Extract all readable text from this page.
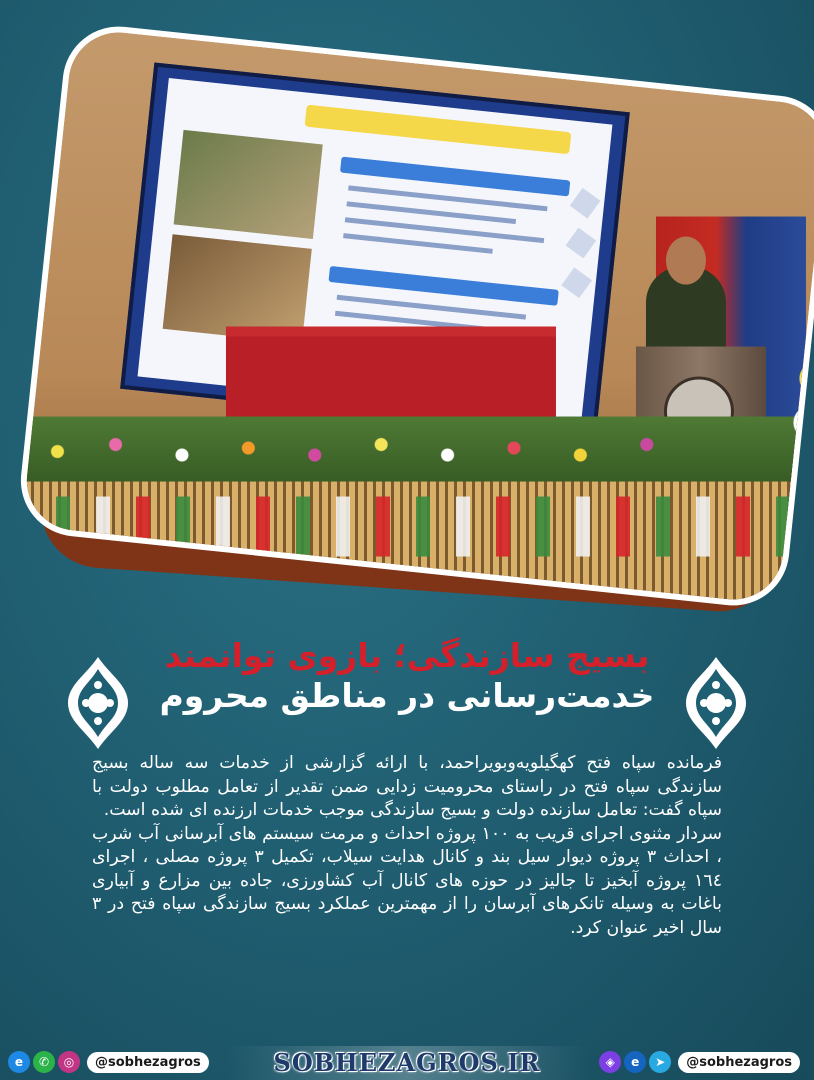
بسیج سازندگی؛ بازوی توانمند
خدمت‌رسانی در مناطق محروم

فرمانده سپاه فتح کهگیلویه‌وبویراحمد، با ارائه گزارشی از خدمات سه ساله بسیج سازندگی سپاه فتح در راستای محرومیت زدایی ضمن تقدیر از تعامل مطلوب دولت با سپاه گفت: تعامل سازنده دولت و بسیج سازندگی موجب خدمات ارزنده ای شده است.

سردار مثنوی اجرای قریب به ۱۰۰ پروژه احداث و مرمت سیستم های آبرسانی آب شرب ، احداث ۳ پروژه دیوار سیل بند و کانال هدایت سیلاب، تکمیل ۳ پروژه مصلی ، اجرای ١٦٤ پروژه آبخیز تا جالیز در حوزه های کانال آب کشاورزی، جاده بین مزارع و آبیاری باغات به وسیله تانکرهای آبرسان را از مهمترین عملکرد بسیج سازندگی سپاه فتح در ۳ سال اخیر عنوان کرد.

e	✆	◎	@sobhezagros	SOBHEZAGROS.IR	◈	e	➤	@sobhezagros
